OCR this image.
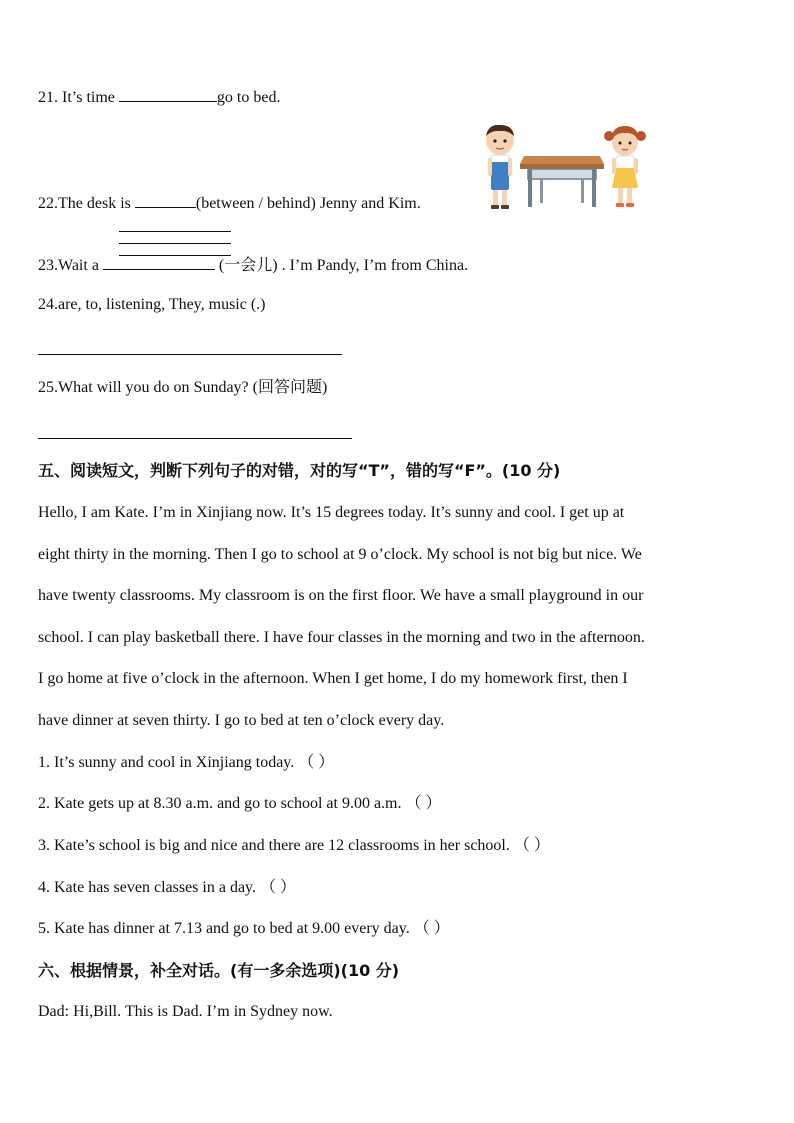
21. It’s time	go to bed.
22.The desk is	(between / behind) Jenny and Kim.
23.Wait a	(一会儿) . I’m Pandy, I’m from China.
24.are, to, listening, They, music (.)
25.What will you do on Sunday? (回答问题)
五、阅读短文，判断下列句子的对错，对的写“T”，错的写“F”。(10 分)
Hello, I am Kate. I’m in Xinjiang now. It’s 15 degrees today. It’s sunny and cool. I get up at
eight thirty in the morning. Then I go to school at 9 o’clock. My school is not big but nice. We
have twenty classrooms. My classroom is on the first floor. We have a small playground in our
school. I can play basketball there. I have four classes in the morning and two in the afternoon.
I go home at five o’clock in the afternoon. When I get home, I do my homework first, then I
have dinner at seven thirty. I go to bed at ten o’clock every day.
1. It’s sunny and cool in Xinjiang today. （ ）
2. Kate gets up at 8.30 a.m. and go to school at 9.00 a.m. （ ）
3. Kate’s school is big and nice and there are 12 classrooms in her school. （ ）
4. Kate has seven classes in a day. （ ）
5. Kate has dinner at 7.13 and go to bed at 9.00 every day. （ ）
六、根据情景，补全对话。(有一多余选项)(10 分)
Dad: Hi,Bill. This is Dad. I’m in Sydney now.
